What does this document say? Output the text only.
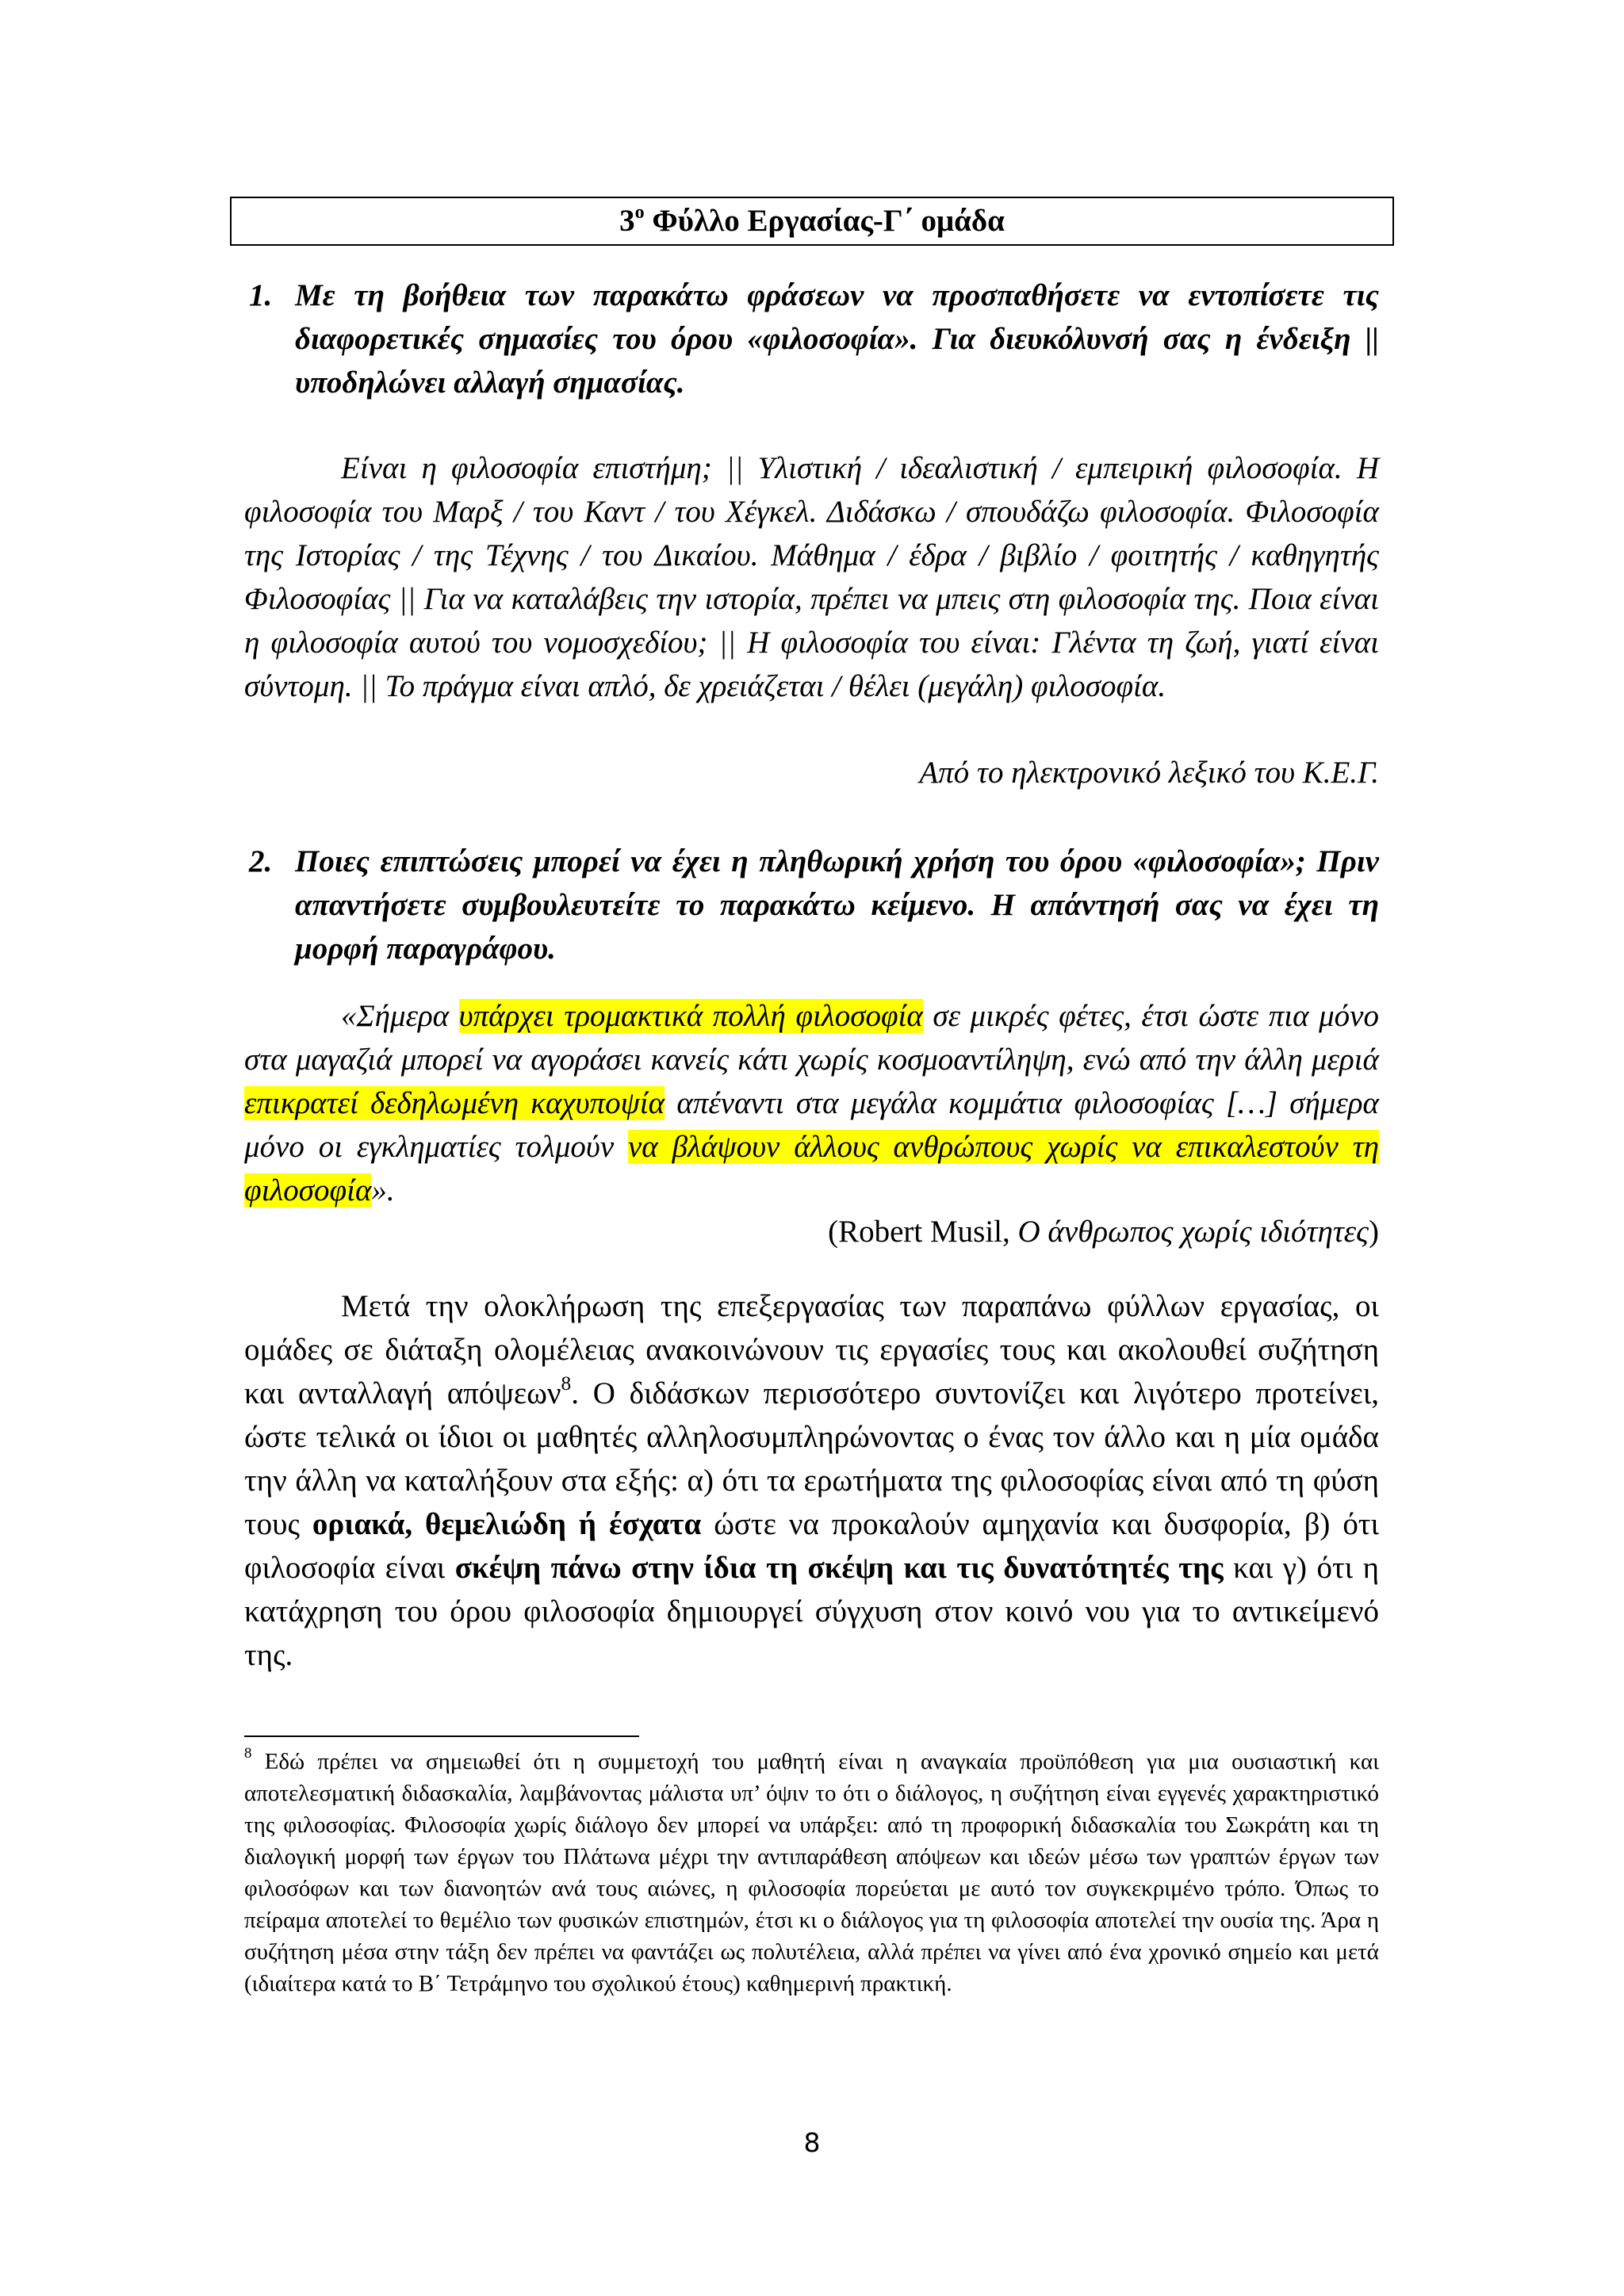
$3^o$ Φύλλο Εργασίας-Γ΄ ομάδα
1. Με τη βοήθεια των παρακάτω φράσεων να προσπαθήσετε να εντοπίσετε τις διαφορετικές σημασίες του όρου «φιλοσοφία». Για διευκόλυνσή σας η ένδειξη || υποδηλώνει αλλαγή σημασίας.
Είναι η φιλοσοφία επιστήμη; || Υλιστική / ιδεαλιστική / εμπειρική φιλοσοφία. Η φιλοσοφία του Μαρξ / του Καντ / του Χέγκελ. Διδάσκω / σπουδάζω φιλοσοφία. Φιλοσοφία της Ιστορίας / της Τέχνης / του Δικαίου. Μάθημα / έδρα / βιβλίο / φοιτητής / καθηγητής Φιλοσοφίας || Για να καταλάβεις την ιστορία, πρέπει να μπεις στη φιλοσοφία της. Ποια είναι η φιλοσοφία αυτού του νομοσχεδίου; || Η φιλοσοφία του είναι: Γλέντα τη ζωή, γιατί είναι σύντομη. || Το πράγμα είναι απλό, δε χρειάζεται / θέλει (μεγάλη) φιλοσοφία.
Από το ηλεκτρονικό λεξικό του Κ.Ε.Γ.
2. Ποιες επιπτώσεις μπορεί να έχει η πληθωρική χρήση του όρου «φιλοσοφία»; Πριν απαντήσετε συμβουλευτείτε το παρακάτω κείμενο. Η απάντησή σας να έχει τη μορφή παραγράφου.
«Σήμερα υπάρχει τρομακτικά πολλή φιλοσοφία σε μικρές φέτες, έτσι ώστε πια μόνο στα μαγαζιά μπορεί να αγοράσει κανείς κάτι χωρίς κοσμοαντίληψη, ενώ από την άλλη μεριά επικρατεί δεδηλωμένη καχυποψία απέναντι στα μεγάλα κομμάτια φιλοσοφίας […] σήμερα μόνο οι εγκληματίες τολμούν να βλάψουν άλλους ανθρώπους χωρίς να επικαλεστούν τη φιλοσοφία».
(Robert Musil, Ο άνθρωπος χωρίς ιδιότητες)
Μετά την ολοκλήρωση της επεξεργασίας των παραπάνω φύλλων εργασίας, οι ομάδες σε διάταξη ολομέλειας ανακοινώνουν τις εργασίες τους και ακολουθεί συζήτηση και ανταλλαγή απόψεων$^8$. Ο διδάσκων περισσότερο συντονίζει και λιγότερο προτείνει, ώστε τελικά οι ίδιοι οι μαθητές αλληλοσυμπληρώνοντας ο ένας τον άλλο και η μία ομάδα την άλλη να καταλήξουν στα εξής: α) ότι τα ερωτήματα της φιλοσοφίας είναι από τη φύση τους οριακά, θεμελιώδη ή έσχατα ώστε να προκαλούν αμηχανία και δυσφορία, β) ότι φιλοσοφία είναι σκέψη πάνω στην ίδια τη σκέψη και τις δυνατότητές της και γ) ότι η κατάχρηση του όρου φιλοσοφία δημιουργεί σύγχυση στον κοινό νου για το αντικείμενό της.
$^8$ Εδώ πρέπει να σημειωθεί ότι η συμμετοχή του μαθητή είναι η αναγκαία προϋπόθεση για μια ουσιαστική και αποτελεσματική διδασκαλία, λαμβάνοντας μάλιστα υπ’ όψιν το ότι ο διάλογος, η συζήτηση είναι εγγενές χαρακτηριστικό της φιλοσοφίας. Φιλοσοφία χωρίς διάλογο δεν μπορεί να υπάρξει: από τη προφορική διδασκαλία του Σωκράτη και τη διαλογική μορφή των έργων του Πλάτωνα μέχρι την αντιπαράθεση απόψεων και ιδεών μέσω των γραπτών έργων των φιλοσόφων και των διανοητών ανά τους αιώνες, η φιλοσοφία πορεύεται με αυτό τον συγκεκριμένο τρόπο. Όπως το πείραμα αποτελεί το θεμέλιο των φυσικών επιστημών, έτσι κι ο διάλογος για τη φιλοσοφία αποτελεί την ουσία της. Άρα η συζήτηση μέσα στην τάξη δεν πρέπει να φαντάζει ως πολυτέλεια, αλλά πρέπει να γίνει από ένα χρονικό σημείο και μετά (ιδιαίτερα κατά το Β΄ Τετράμηνο του σχολικού έτους) καθημερινή πρακτική.
8
